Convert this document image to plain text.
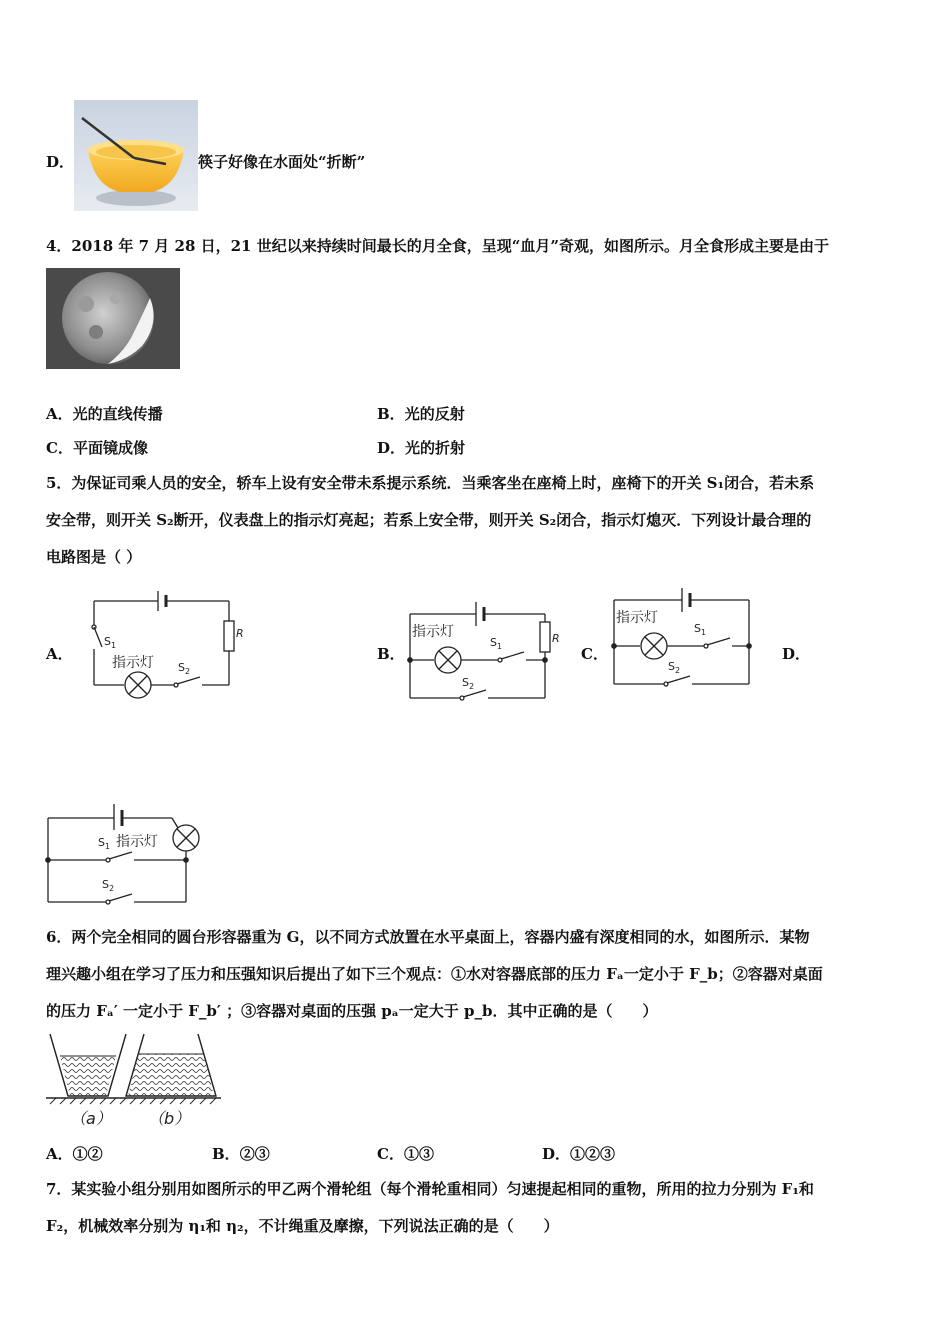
D．	筷子好像在水面处“折断”
4．2018 年 7 月 28 日，21 世纪以来持续时间最长的月全食，呈现“血月”奇观，如图所示。月全食形成主要是由于
A．光的直线传播	B．光的反射
C．平面镜成像	D．光的折射
5．为保证司乘人员的安全，轿车上设有安全带未系提示系统．当乘客坐在座椅上时，座椅下的开关 S₁闭合，若未系
安全带，则开关 S₂断开，仪表盘上的指示灯亮起；若系上安全带，则开关 S₂闭合，指示灯熄灭．下列设计最合理的
电路图是（ ）
A．	B．	C．	D．
R
$S_1$
$S_2$
指示灯
R
指示灯
$S_1$
$S_2$
指示灯
$S_1$
$S_2$
指示灯
$S_1$
$S_2$
6．两个完全相同的圆台形容器重为 G，以不同方式放置在水平桌面上，容器内盛有深度相同的水，如图所示．某物
理兴趣小组在学习了压力和压强知识后提出了如下三个观点：①水对容器底部的压力 Fₐ一定小于 F_b；②容器对桌面
的压力 Fₐ′ 一定小于 F_b′ ；③容器对桌面的压强 pₐ一定大于 p_b．其中正确的是（　　）
（a） （b）
A．①②	B．②③	C．①③	D．①②③
7．某实验小组分别用如图所示的甲乙两个滑轮组（每个滑轮重相同）匀速提起相同的重物，所用的拉力分别为 F₁和
F₂，机械效率分别为 η₁和 η₂，不计绳重及摩擦，下列说法正确的是（　　）
